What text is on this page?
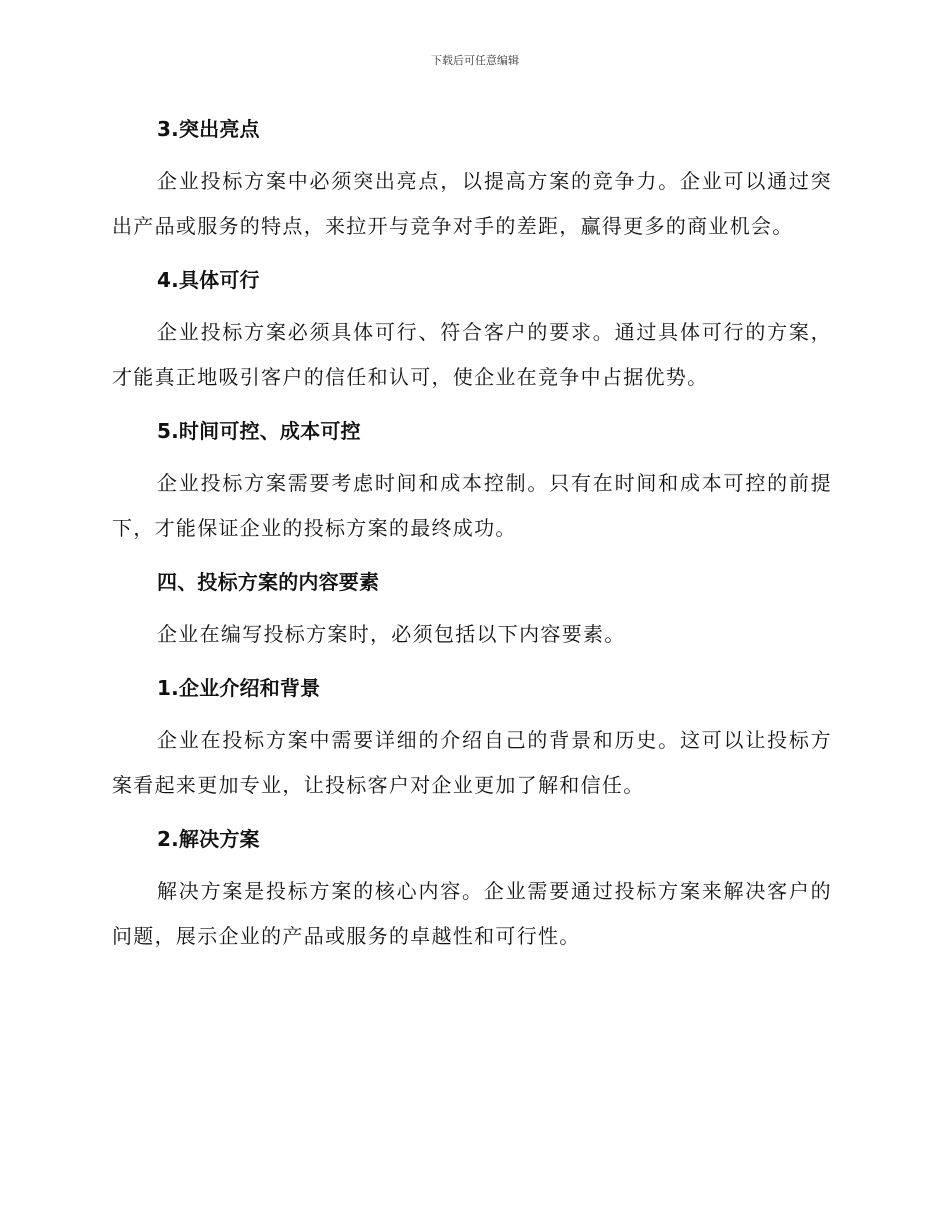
下载后可任意编辑
3.突出亮点

企业投标方案中必须突出亮点，以提高方案的竞争力。企业可以通过突出产品或服务的特点，来拉开与竞争对手的差距，赢得更多的商业机会。

4.具体可行

企业投标方案必须具体可行、符合客户的要求。通过具体可行的方案，才能真正地吸引客户的信任和认可，使企业在竞争中占据优势。

5.时间可控、成本可控

企业投标方案需要考虑时间和成本控制。只有在时间和成本可控的前提下，才能保证企业的投标方案的最终成功。

四、投标方案的内容要素

企业在编写投标方案时，必须包括以下内容要素。

1.企业介绍和背景

企业在投标方案中需要详细的介绍自己的背景和历史。这可以让投标方案看起来更加专业，让投标客户对企业更加了解和信任。

2.解决方案

解决方案是投标方案的核心内容。企业需要通过投标方案来解决客户的问题，展示企业的产品或服务的卓越性和可行性。
